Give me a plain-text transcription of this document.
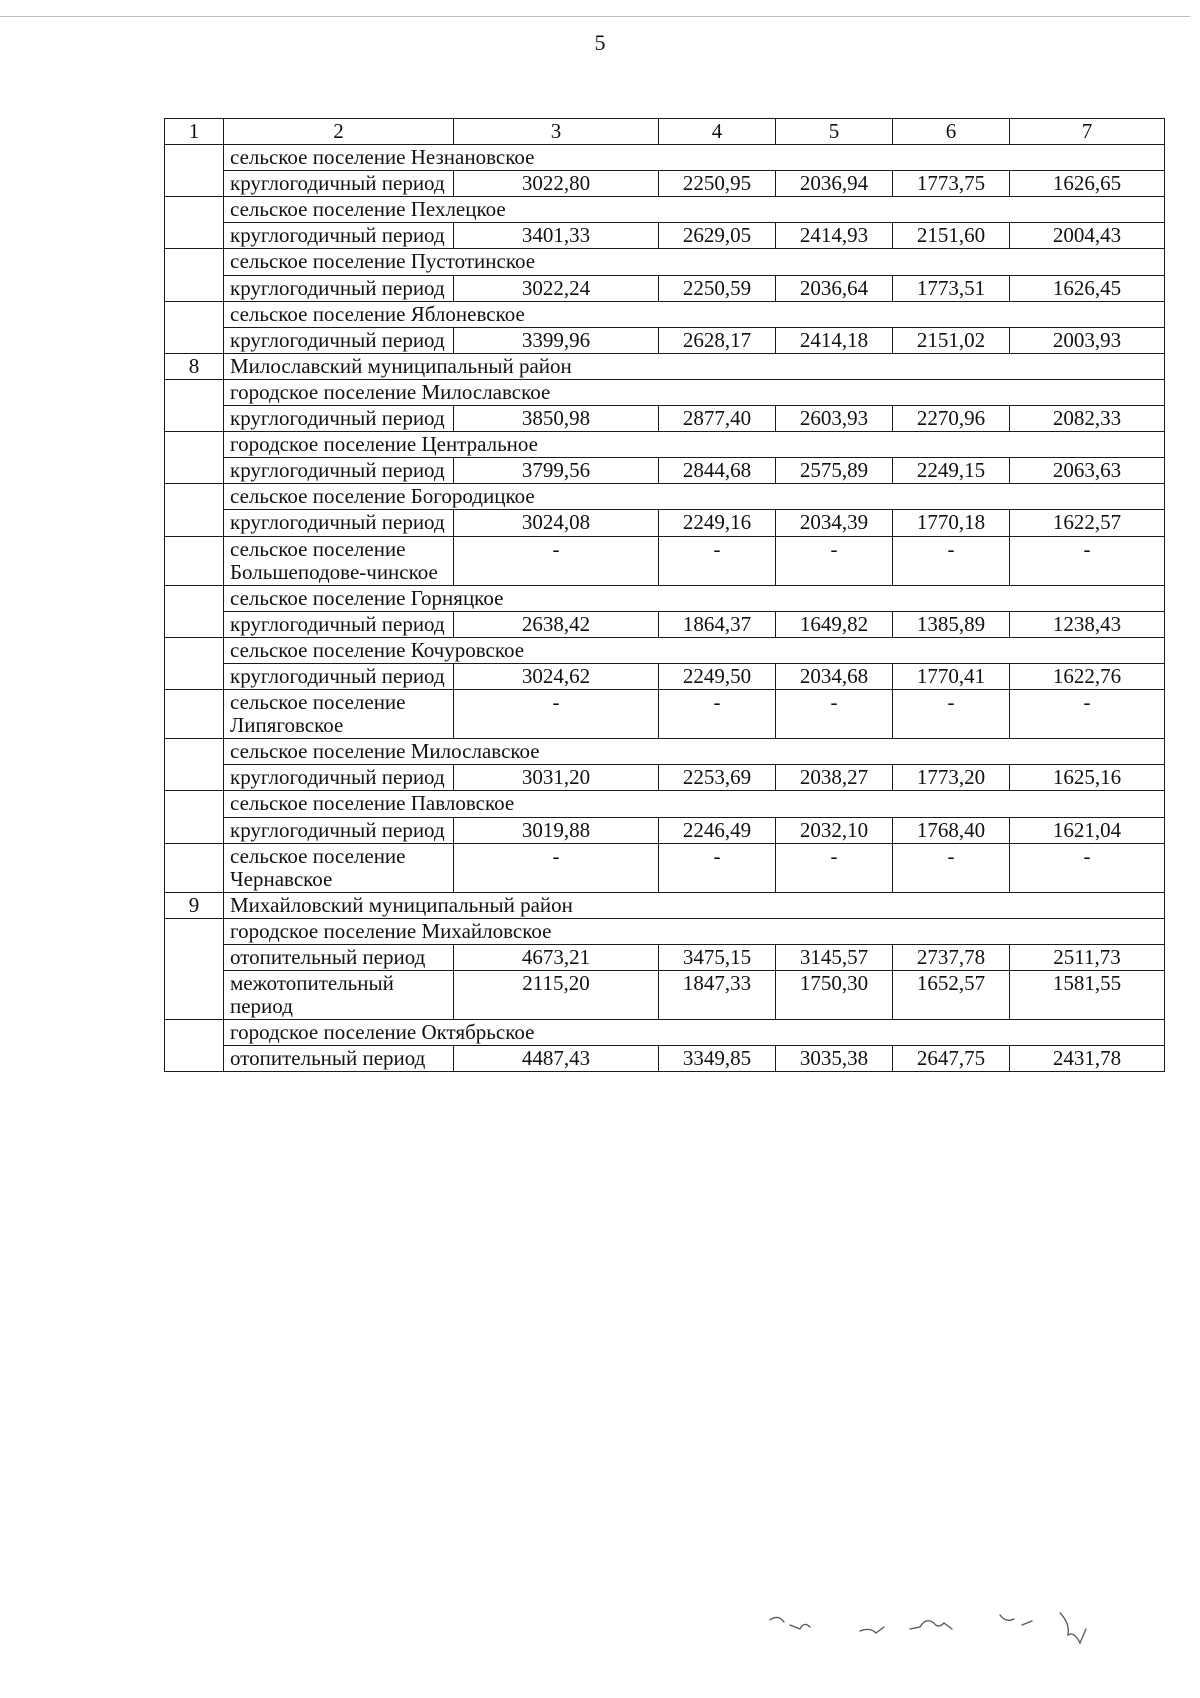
5
1	2	3	4	5	6	7
	сельское поселение Незнановское					
	круглогодичный период	3022,80	2250,95	2036,94	1773,75	1626,65
	сельское поселение Пехлецкое					
	круглогодичный период	3401,33	2629,05	2414,93	2151,60	2004,43
	сельское поселение Пустотинское					
	круглогодичный период	3022,24	2250,59	2036,64	1773,51	1626,45
	сельское поселение Яблоневское					
	круглогодичный период	3399,96	2628,17	2414,18	2151,02	2003,93
8	Милославский муниципальный район					
	городское поселение Милославское					
	круглогодичный период	3850,98	2877,40	2603,93	2270,96	2082,33
	городское поселение Центральное					
	круглогодичный период	3799,56	2844,68	2575,89	2249,15	2063,63
	сельское поселение Богородицкое					
	круглогодичный период	3024,08	2249,16	2034,39	1770,18	1622,57
	сельское поселение Большеподове-чинское	-	-	-	-	-
	сельское поселение Горняцкое					
	круглогодичный период	2638,42	1864,37	1649,82	1385,89	1238,43
	сельское поселение Кочуровское					
	круглогодичный период	3024,62	2249,50	2034,68	1770,41	1622,76
	сельское поселение Липяговское	-	-	-	-	-
	сельское поселение Милославское					
	круглогодичный период	3031,20	2253,69	2038,27	1773,20	1625,16
	сельское поселение Павловское					
	круглогодичный период	3019,88	2246,49	2032,10	1768,40	1621,04
	сельское поселение Чернавское	-	-	-	-	-
9	Михайловский муниципальный район					
	городское поселение Михайловское					
	отопительный период	4673,21	3475,15	3145,57	2737,78	2511,73
	межотопительный период	2115,20	1847,33	1750,30	1652,57	1581,55
	городское поселение Октябрьское					
	отопительный период	4487,43	3349,85	3035,38	2647,75	2431,78
